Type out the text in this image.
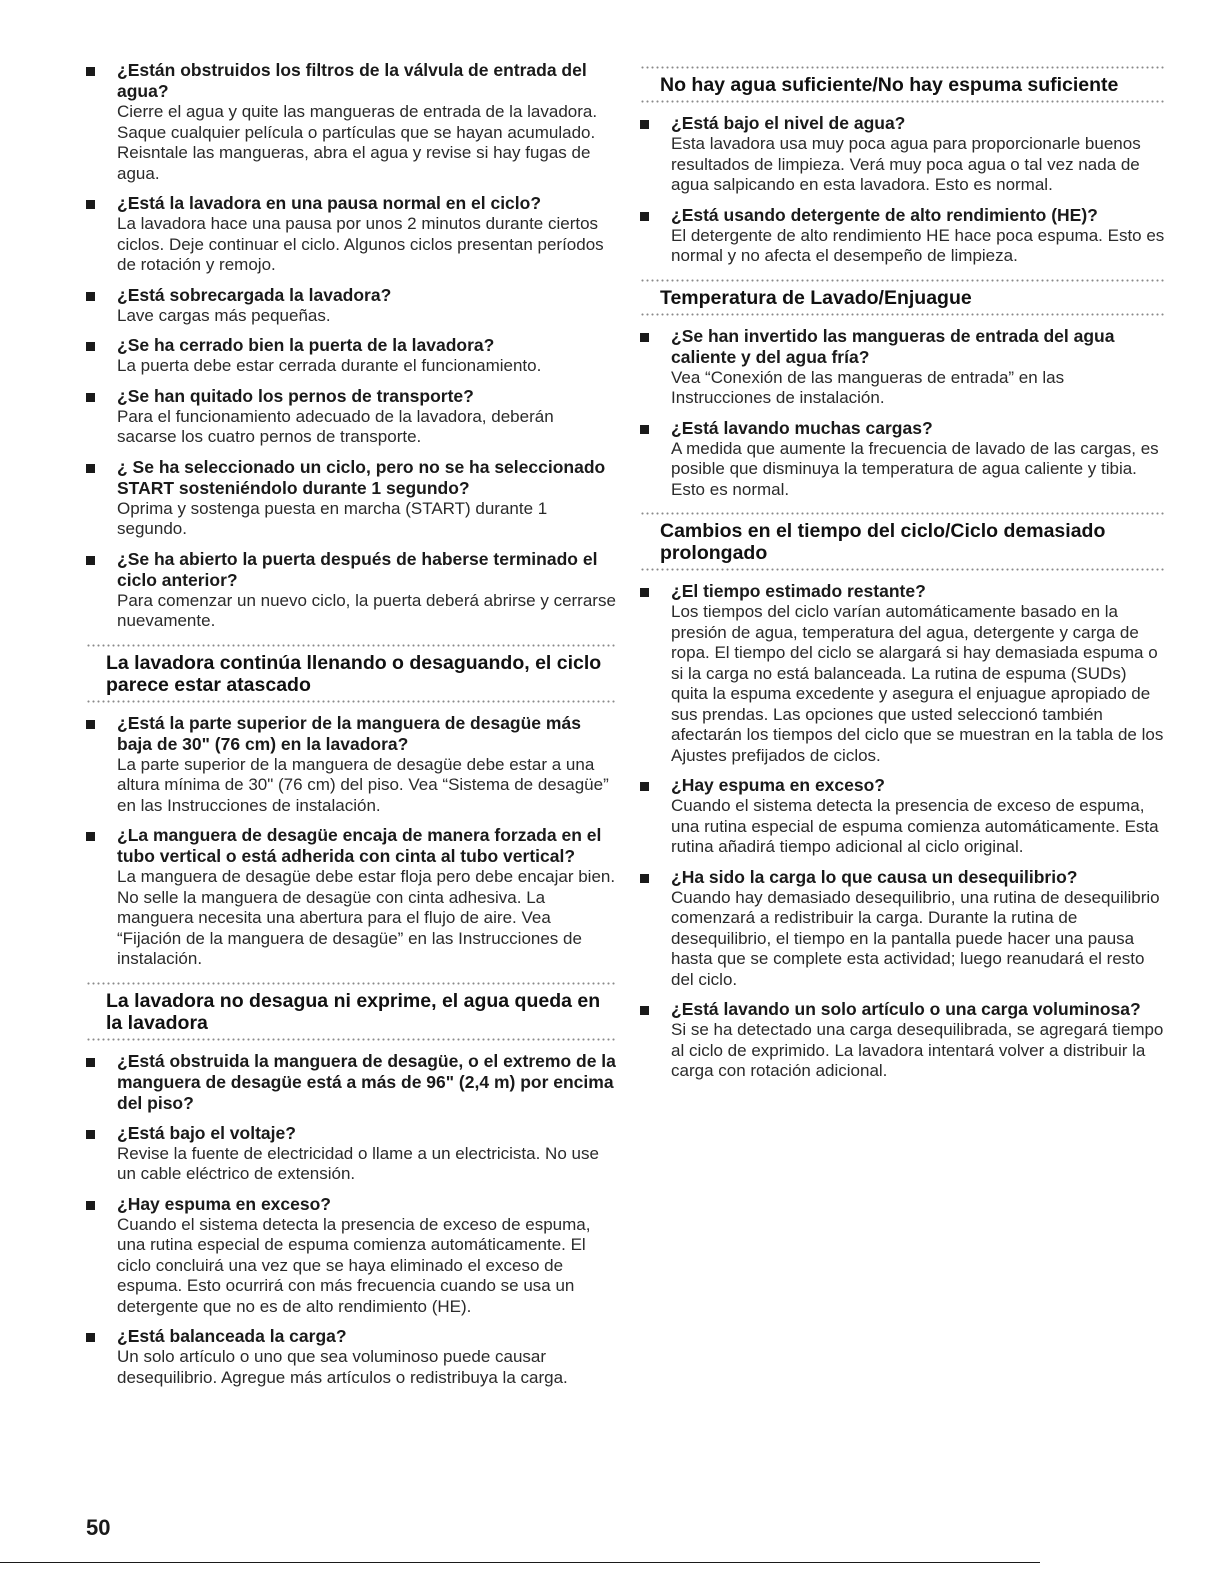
¿Están obstruidos los filtros de la válvula de entrada del agua?

Cierre el agua y quite las mangueras de entrada de la lavadora. Saque cualquier película o partículas que se hayan acumulado. Reisntale las mangueras, abra el agua y revise si hay fugas de agua.

¿Está la lavadora en una pausa normal en el ciclo?

La lavadora hace una pausa por unos 2 minutos durante ciertos ciclos. Deje continuar el ciclo. Algunos ciclos presentan períodos de rotación y remojo.

¿Está sobrecargada la lavadora?

Lave cargas más pequeñas.

¿Se ha cerrado bien la puerta de la lavadora?

La puerta debe estar cerrada durante el funcionamiento.

¿Se han quitado los pernos de transporte?

Para el funcionamiento adecuado de la lavadora, deberán sacarse los cuatro pernos de transporte.

¿ Se ha seleccionado un ciclo, pero no se ha seleccionado START sosteniéndolo durante 1 segundo?

Oprima y sostenga puesta en marcha (START) durante 1 segundo.

¿Se ha abierto la puerta después de haberse terminado el ciclo anterior?

Para comenzar un nuevo ciclo, la puerta deberá abrirse y cerrarse nuevamente.

La lavadora continúa llenando o desaguando, el ciclo parece estar atascado

¿Está la parte superior de la manguera de desagüe más baja de 30" (76 cm) en la lavadora?

La parte superior de la manguera de desagüe debe estar a una altura mínima de 30" (76 cm) del piso. Vea “Sistema de desagüe” en las Instrucciones de instalación.

¿La manguera de desagüe encaja de manera forzada en el tubo vertical o está adherida con cinta al tubo vertical?

La manguera de desagüe debe estar floja pero debe encajar bien. No selle la manguera de desagüe con cinta adhesiva. La manguera necesita una abertura para el flujo de aire. Vea “Fijación de la manguera de desagüe” en las Instrucciones de instalación.

La lavadora no desagua ni exprime, el agua queda en la lavadora

¿Está obstruida la manguera de desagüe, o el extremo de la manguera de desagüe está a más de 96" (2,4 m) por encima del piso?

¿Está bajo el voltaje?

Revise la fuente de electricidad o llame a un electricista. No use un cable eléctrico de extensión.

¿Hay espuma en exceso?

Cuando el sistema detecta la presencia de exceso de espuma, una rutina especial de espuma comienza automáticamente. El ciclo concluirá una vez que se haya eliminado el exceso de espuma. Esto ocurrirá con más frecuencia cuando se usa un detergente que no es de alto rendimiento (HE).

¿Está balanceada la carga?

Un solo artículo o uno que sea voluminoso puede causar desequilibrio. Agregue más artículos o redistribuya la carga.

No hay agua suficiente/No hay espuma suficiente

¿Está bajo el nivel de agua?

Esta lavadora usa muy poca agua para proporcionarle buenos resultados de limpieza. Verá muy poca agua o tal vez nada de agua salpicando en esta lavadora. Esto es normal.

¿Está usando detergente de alto rendimiento (HE)?

El detergente de alto rendimiento HE hace poca espuma. Esto es normal y no afecta el desempeño de limpieza.

Temperatura de Lavado/Enjuague

¿Se han invertido las mangueras de entrada del agua caliente y del agua fría?

Vea “Conexión de las mangueras de entrada” en las Instrucciones de instalación.

¿Está lavando muchas cargas?

A medida que aumente la frecuencia de lavado de las cargas, es posible que disminuya la temperatura de agua caliente y tibia. Esto es normal.

Cambios en el tiempo del ciclo/Ciclo demasiado prolongado

¿El tiempo estimado restante?

Los tiempos del ciclo varían automáticamente basado en la presión de agua, temperatura del agua, detergente y carga de ropa. El tiempo del ciclo se alargará si hay demasiada espuma o si la carga no está balanceada. La rutina de espuma (SUDs) quita la espuma excedente y asegura el enjuague apropiado de sus prendas. Las opciones que usted seleccionó también afectarán los tiempos del ciclo que se muestran en la tabla de los Ajustes prefijados de ciclos.

¿Hay espuma en exceso?

Cuando el sistema detecta la presencia de exceso de espuma, una rutina especial de espuma comienza automáticamente. Esta rutina añadirá tiempo adicional al ciclo original.

¿Ha sido la carga lo que causa un desequilibrio?

Cuando hay demasiado desequilibrio, una rutina de desequilibrio comenzará a redistribuir la carga. Durante la rutina de desequilibrio, el tiempo en la pantalla puede hacer una pausa hasta que se complete esta actividad; luego reanudará el resto del ciclo.

¿Está lavando un solo artículo o una carga voluminosa?

Si se ha detectado una carga desequilibrada, se agregará tiempo al ciclo de exprimido. La lavadora intentará volver a distribuir la carga con rotación adicional.

50
